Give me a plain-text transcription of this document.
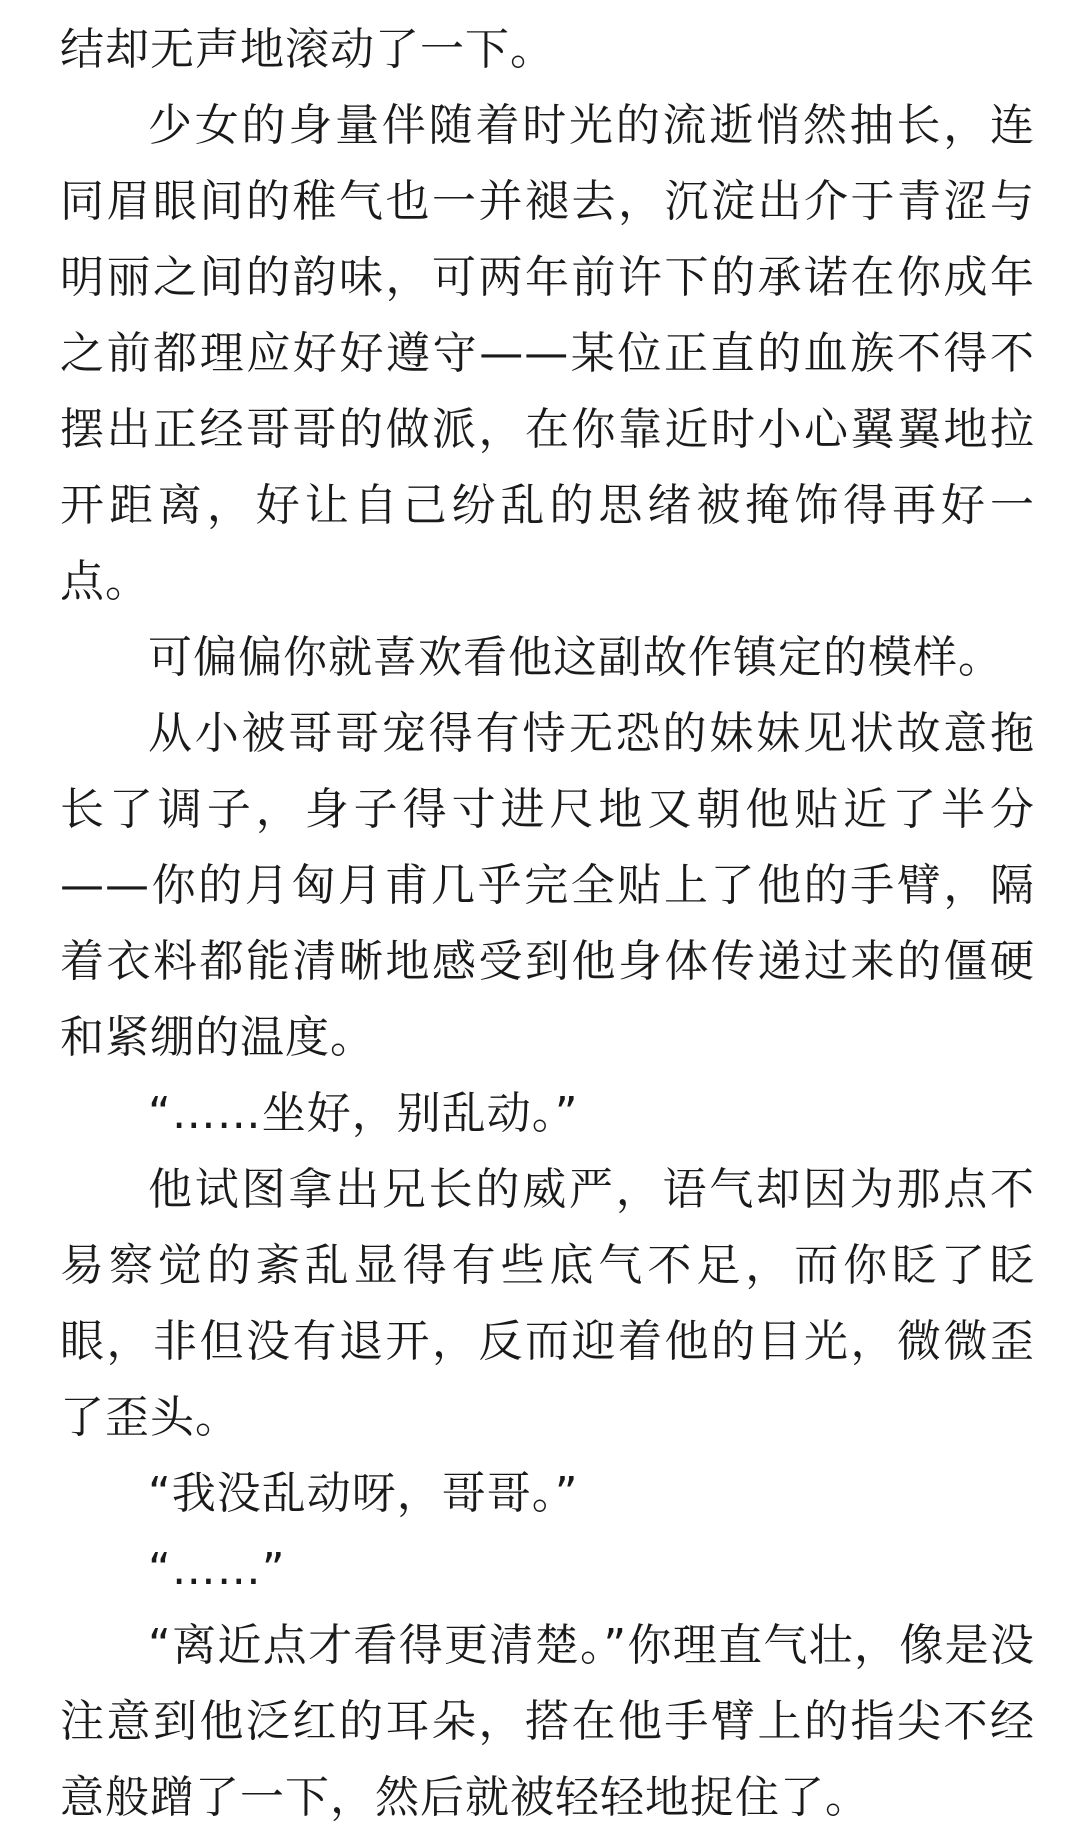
结却无声地滚动了一下。

少女的身量伴随着时光的流逝悄然抽长，连同眉眼间的稚气也一并褪去，沉淀出介于青涩与明丽之间的韵味，可两年前许下的承诺在你成年之前都理应好好遵守——某位正直的血族不得不摆出正经哥哥的做派，在你靠近时小心翼翼地拉开距离，好让自己纷乱的思绪被掩饰得再好一点。

可偏偏你就喜欢看他这副故作镇定的模样。

从小被哥哥宠得有恃无恐的妹妹见状故意拖长了调子，身子得寸进尺地又朝他贴近了半分——你的月匈月甫几乎完全贴上了他的手臂，隔着衣料都能清晰地感受到他身体传递过来的僵硬和紧绷的温度。

“……坐好，别乱动。”

他试图拿出兄长的威严，语气却因为那点不易察觉的紊乱显得有些底气不足，而你眨了眨眼，非但没有退开，反而迎着他的目光，微微歪了歪头。

“我没乱动呀，哥哥。”

“……”

“离近点才看得更清楚。”你理直气壮，像是没注意到他泛红的耳朵，搭在他手臂上的指尖不经意般蹭了一下，然后就被轻轻地捉住了。
